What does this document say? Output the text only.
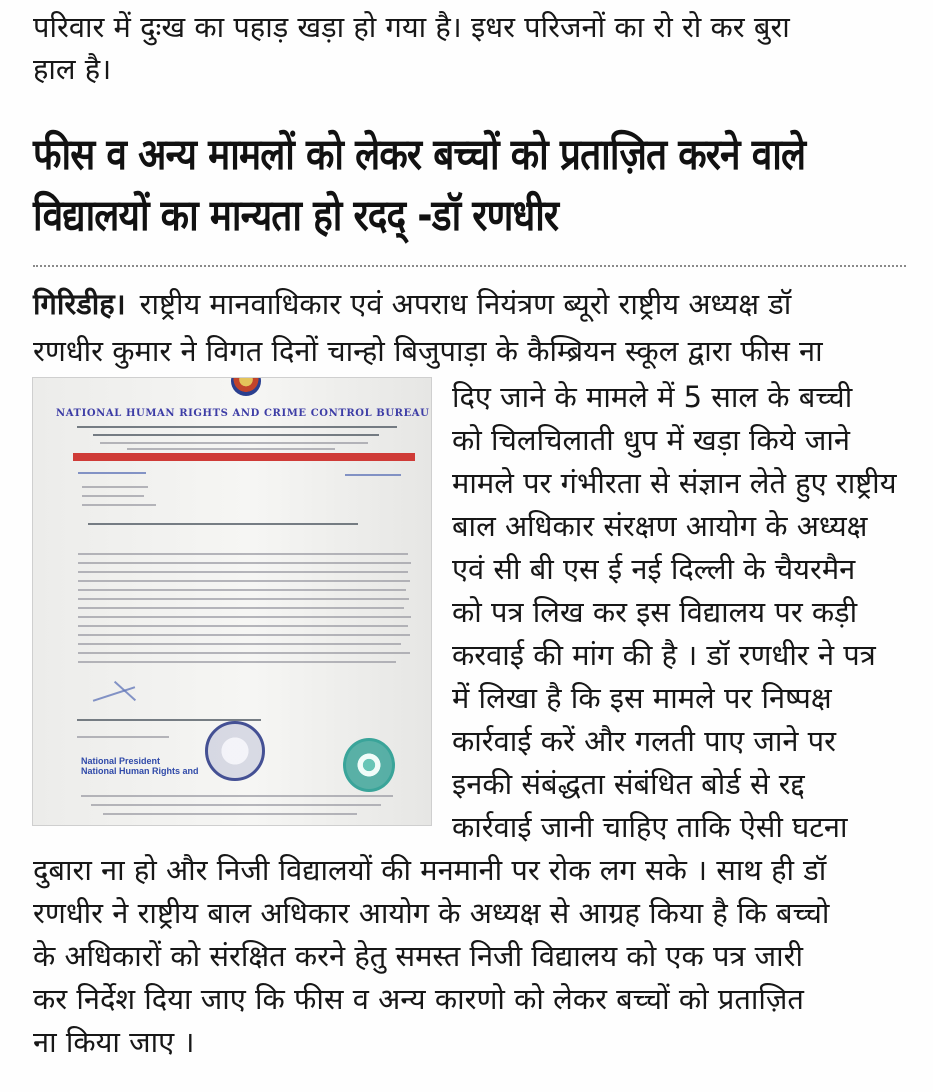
परिवार में दुःख का पहाड़ खड़ा हो गया है। इधर परिजनों का रो रो कर बुरा
हाल है।
फीस व अन्य मामलों को लेकर बच्चों को प्रताज़ित करने वाले
विद्यालयों का मान्यता हो रदद् -डॉ रणधीर
गिरिडीह। राष्ट्रीय मानवाधिकार एवं अपराध नियंत्रण ब्यूरो राष्ट्रीय अध्यक्ष डॉ
रणधीर कुमार ने विगत दिनों चान्हो बिजुपाड़ा के कैम्ब्रियन स्कूल द्वारा फीस ना
NATIONAL HUMAN RIGHTS AND CRIME CONTROL BUREAU
National President
National Human Rights and
दिए जाने के मामले में 5 साल के बच्ची
को चिलचिलाती धुप में खड़ा किये जाने
मामले पर गंभीरता से संज्ञान लेते हुए राष्ट्रीय
बाल अधिकार संरक्षण आयोग के अध्यक्ष
एवं सी बी एस ई नई दिल्ली के चैयरमैन
को पत्र लिख कर इस विद्यालय पर कड़ी
करवाई की मांग की है । डॉ रणधीर ने पत्र
में लिखा है कि इस मामले पर निष्पक्ष
कार्रवाई करें और गलती पाए जाने पर
इनकी संबंद्धता संबंधित बोर्ड से रद्द
कार्रवाई जानी चाहिए ताकि ऐसी घटना
दुबारा ना हो और निजी विद्यालयों की मनमानी पर रोक लग सके । साथ ही डॉ
रणधीर ने राष्ट्रीय बाल अधिकार आयोग के अध्यक्ष से आग्रह किया है कि बच्चो
के अधिकारों को संरक्षित करने हेतु समस्त निजी विद्यालय को एक पत्र जारी
कर निर्देश दिया जाए कि फीस व अन्य कारणो को लेकर बच्चों को प्रताज़ित
ना किया जाए ।
